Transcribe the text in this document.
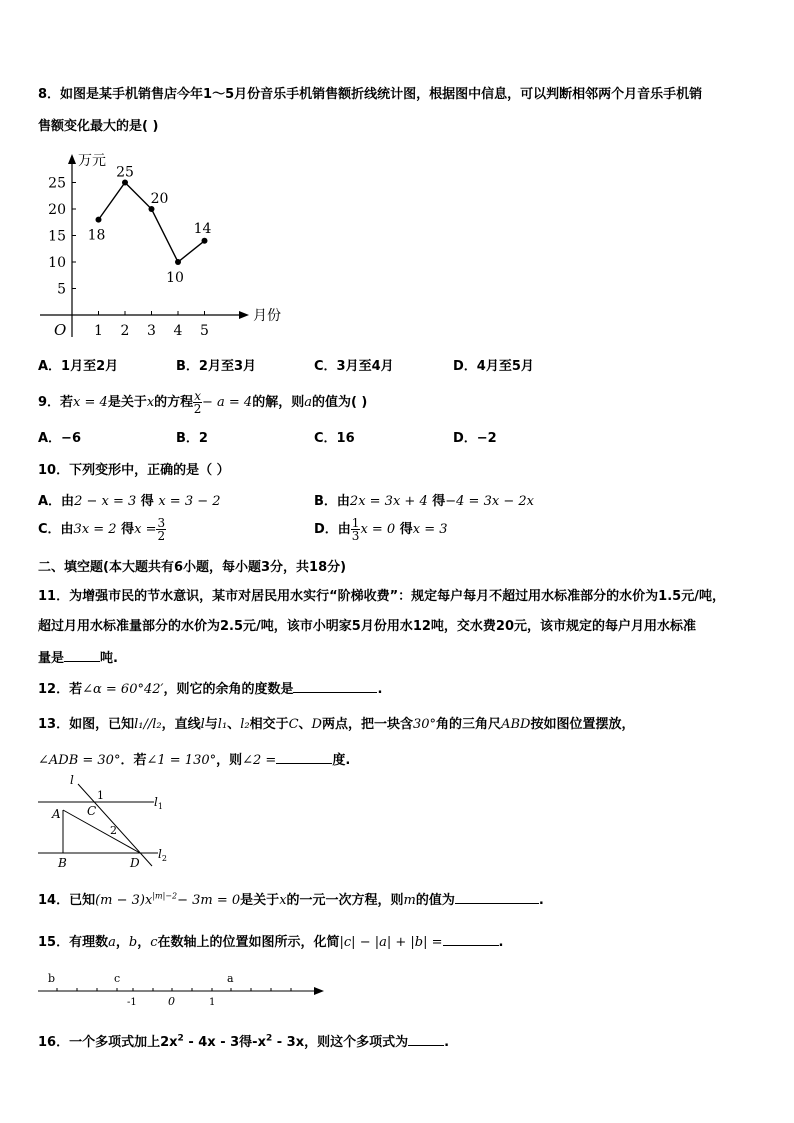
8．如图是某手机销售店今年1～5月份音乐手机销售额折线统计图，根据图中信息，可以判断相邻两个月音乐手机销
售额变化最大的是( )
万元
月份
O
5
10
15
20
25
1 2 3 4 5
18
25
20
10
14
A．1月至2月	B．2月至3月	C．3月至4月	D．4月至5月
9．若x = 4是关于x的方程 $\frac{x}{2} - a = 4$的解，则a的值为( )
A．−6	B．2	C．16	D．−2
10．下列变形中，正确的是（ ）
A．由2 − x = 3 得 x = 3 − 2	B．由2x = 3x + 4 得−4 = 3x − 2x
C．由3x = 2 得$x = \frac{3}{2}$	D．由 $\frac{1}{3}$ x = 0 得x = 3
二、填空题(本大题共有6小题，每小题3分，共18分)
11．为增强市民的节水意识，某市对居民用水实行“阶梯收费”：规定每户每月不超过用水标准部分的水价为1.5元/吨，
超过月用水标准量部分的水价为2.5元/吨，该市小明家5月份用水12吨，交水费20元，该市规定的每户月用水标准
量是	吨.
12．若∠α = 60°42′，则它的余角的度数是	.
13．如图，已知l₁//l₂，直线l与l₁、l₂相交于C、D两点，把一块含30°角的三角尺ABD按如图位置摆放，
∠ADB = 30°．若∠1 = 130°，则∠2 =	度.
l
$l_1$
$l_2$
A
B
C
D
1
2
14．已知$(m - 3)x^{|m|-2}- 3m = 0$是关于x的一元一次方程，则m的值为	.
15．有理数a，b，c在数轴上的位置如图所示，化简|c| − |a| + |b| =	.
b	c	a
-1	0	1
16．一个多项式加上$2x^2 - 4x - 3$得$-x^2 - 3x$，则这个多项式为	.
